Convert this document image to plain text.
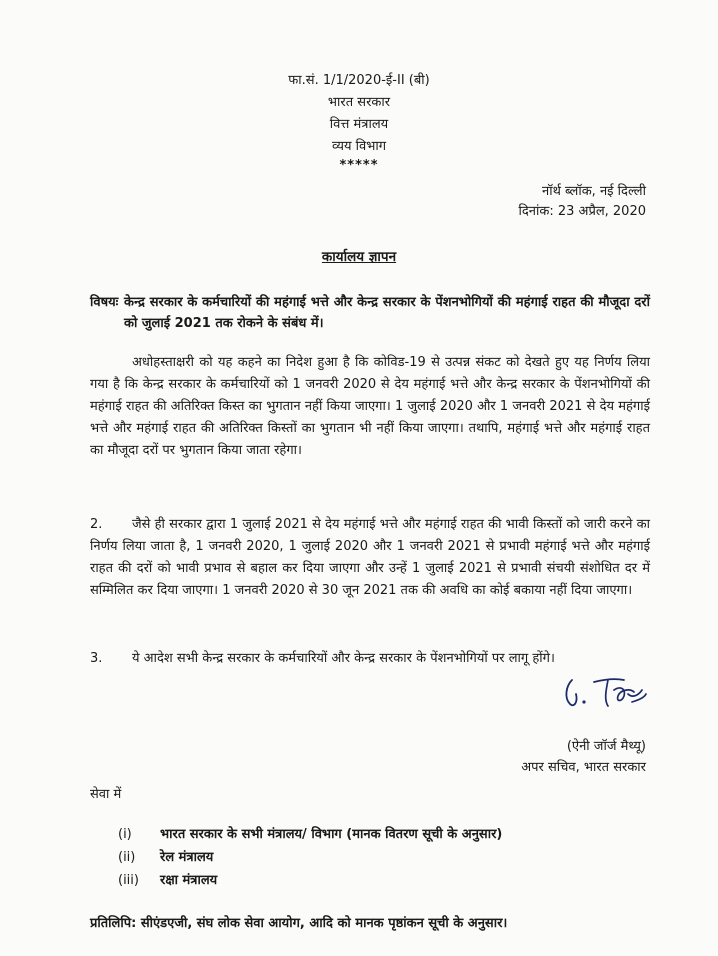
फा.सं. 1/1/2020-ई-II (बी)
भारत सरकार
वित्त मंत्रालय
व्यय विभाग
*****
नॉर्थ ब्लॉक, नई दिल्ली
दिनांक: 23 अप्रैल, 2020
कार्यालय ज्ञापन
विषयः केन्द्र सरकार के कर्मचारियों की महंगाई भत्ते और केन्द्र सरकार के पेंशनभोगियों की महंगाई राहत की मौजूदा दरों को जुलाई 2021 तक रोकने के संबंध में।
अधोहस्ताक्षरी को यह कहने का निदेश हुआ है कि कोविड-19 से उत्पन्न संकट को देखते हुए यह निर्णय लिया गया है कि केन्द्र सरकार के कर्मचारियों को 1 जनवरी 2020 से देय महंगाई भत्ते और केन्द्र सरकार के पेंशनभोगियों की महंगाई राहत की अतिरिक्त किस्त का भुगतान नहीं किया जाएगा। 1 जुलाई 2020 और 1 जनवरी 2021 से देय महंगाई भत्ते और महंगाई राहत की अतिरिक्त किस्तों का भुगतान भी नहीं किया जाएगा। तथापि, महंगाई भत्ते और महंगाई राहत का मौजूदा दरों पर भुगतान किया जाता रहेगा।
2. जैसे ही सरकार द्वारा 1 जुलाई 2021 से देय महंगाई भत्ते और महंगाई राहत की भावी किस्तों को जारी करने का निर्णय लिया जाता है, 1 जनवरी 2020, 1 जुलाई 2020 और 1 जनवरी 2021 से प्रभावी महंगाई भत्ते और महंगाई राहत की दरों को भावी प्रभाव से बहाल कर दिया जाएगा और उन्हें 1 जुलाई 2021 से प्रभावी संचयी संशोधित दर में सम्मिलित कर दिया जाएगा। 1 जनवरी 2020 से 30 जून 2021 तक की अवधि का कोई बकाया नहीं दिया जाएगा।
3. ये आदेश सभी केन्द्र सरकार के कर्मचारियों और केन्द्र सरकार के पेंशनभोगियों पर लागू होंगे।
(ऐनी जॉर्ज मैथ्यू)
अपर सचिव, भारत सरकार
सेवा में
(i) भारत सरकार के सभी मंत्रालय/ विभाग (मानक वितरण सूची के अनुसार)
(ii) रेल मंत्रालय
(iii) रक्षा मंत्रालय
प्रतिलिपि: सीएंडएजी, संघ लोक सेवा आयोग, आदि को मानक पृष्ठांकन सूची के अनुसार।
